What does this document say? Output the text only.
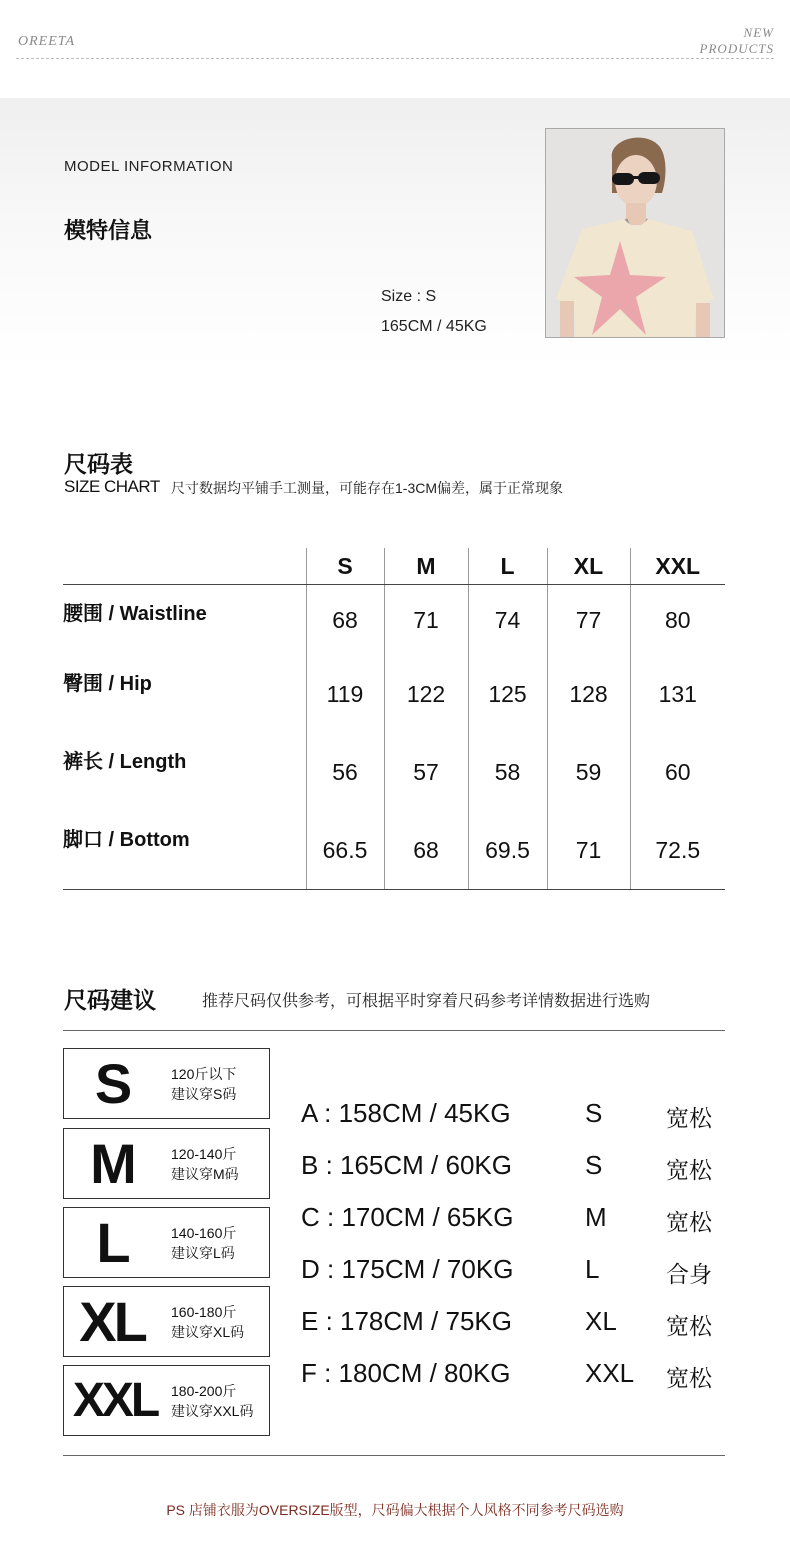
OREETA
NEW
PRODUCTS
MODEL INFORMATION
模特信息
Size : S
165CM / 45KG
尺码表
SIZE CHART 尺寸数据均平铺手工测量，可能存在1-3CM偏差，属于正常现象
	S	M	L	XL	XXL
腰围 / Waistline	68	71	74	77	80
臀围 / Hip	119	122	125	128	131
裤长 / Length	56	57	58	59	60
脚口 / Bottom	66.5	68	69.5	71	72.5
尺码建议	推荐尺码仅供参考，可根据平时穿着尺码参考详情数据进行选购
S	120斤以下
建议穿S码
M	120-140斤
建议穿M码
L	140-160斤
建议穿L码
XL	160-180斤
建议穿XL码
XXL 180-200斤
建议穿XXL码
A : 158CM / 45KG	S	宽松
B : 165CM / 60KG	S	宽松
C : 170CM / 65KG	M	宽松
D : 175CM / 70KG	L	合身
E : 178CM / 75KG	XL 宽松
F : 180CM / 80KG	XXL 宽松
PS 店铺衣服为OVERSIZE版型，尺码偏大根据个人风格不同参考尺码选购
